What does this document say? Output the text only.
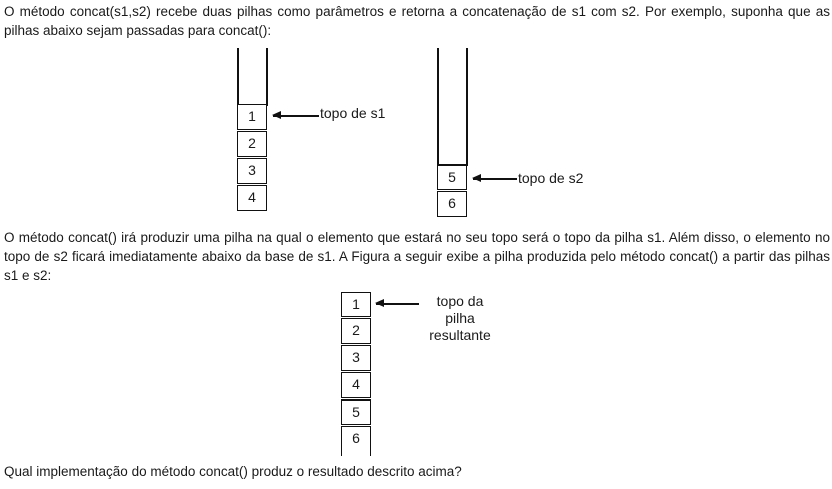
O método concat(s1,s2) recebe duas pilhas como parâmetros e retorna a concatenação de s1 com s2. Por exemplo, suponha que as pilhas abaixo sejam passadas para concat():

1
2
3
4
topo de s1
5
6
topo de s2

O método concat() irá produzir uma pilha na qual o elemento que estará no seu topo será o topo da pilha s1. Além disso, o elemento no topo de s2 ficará imediatamente abaixo da base de s1. A Figura a seguir exibe a pilha produzida pelo método concat() a partir das pilhas s1 e s2:

1
2
3
4
5
6
topo da
pilha
resultante

Qual implementação do método concat() produz o resultado descrito acima?
